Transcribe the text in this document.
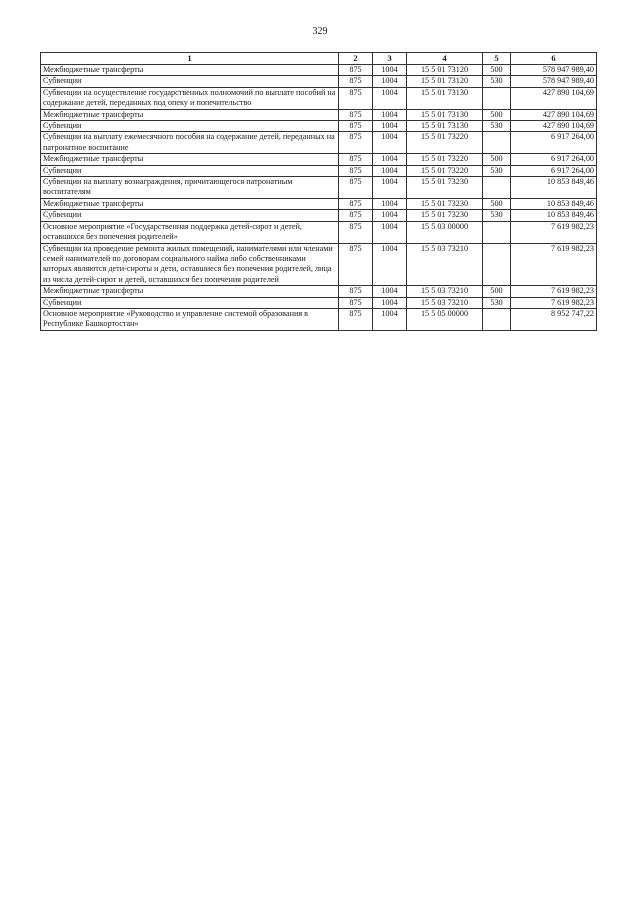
329
1	2	3	4	5	6
Межбюджетные трансферты	875	1004	15 5 01 73120	500	578 947 989,40
Субвенции	875	1004	15 5 01 73120	530	578 947 989,40
Субвенции на осуществление государственных полномочий по выплате пособий на содержание детей, переданных под опеку и попечительство	875	1004	15 5 01 73130		427 890 104,69
Межбюджетные трансферты	875	1004	15 5 01 73130	500	427 890 104,69
Субвенции	875	1004	15 5 01 73130	530	427 890 104,69
Субвенции на выплату ежемесячного пособия на содержание детей, переданных на патронатное воспитание	875	1004	15 5 01 73220		6 917 264,00
Межбюджетные трансферты	875	1004	15 5 01 73220	500	6 917 264,00
Субвенции	875	1004	15 5 01 73220	530	6 917 264,00
Субвенции на выплату вознаграждения, причитающегося патронатным воспитателям	875	1004	15 5 01 73230		10 853 849,46
Межбюджетные трансферты	875	1004	15 5 01 73230	500	10 853 849,46
Субвенции	875	1004	15 5 01 73230	530	10 853 849,46
Основное мероприятие «Государственная поддержка детей-сирот и детей, оставшихся без попечения родителей»	875	1004	15 5 03 00000		7 619 982,23
Субвенции на проведение ремонта жилых помещений, нанимателями или членами семей нанимателей по договорам социального найма либо собственниками которых являются дети-сироты и дети, оставшиеся без попечения родителей, лица из числа детей-сирот и детей, оставшихся без попечения родителей	875	1004	15 5 03 73210		7 619 982,23
Межбюджетные трансферты	875	1004	15 5 03 73210	500	7 619 982,23
Субвенции	875	1004	15 5 03 73210	530	7 619 982,23
Основное мероприятие «Руководство и управление системой образования в Республике Башкортостан»	875	1004	15 5 05 00000		8 952 747,22
